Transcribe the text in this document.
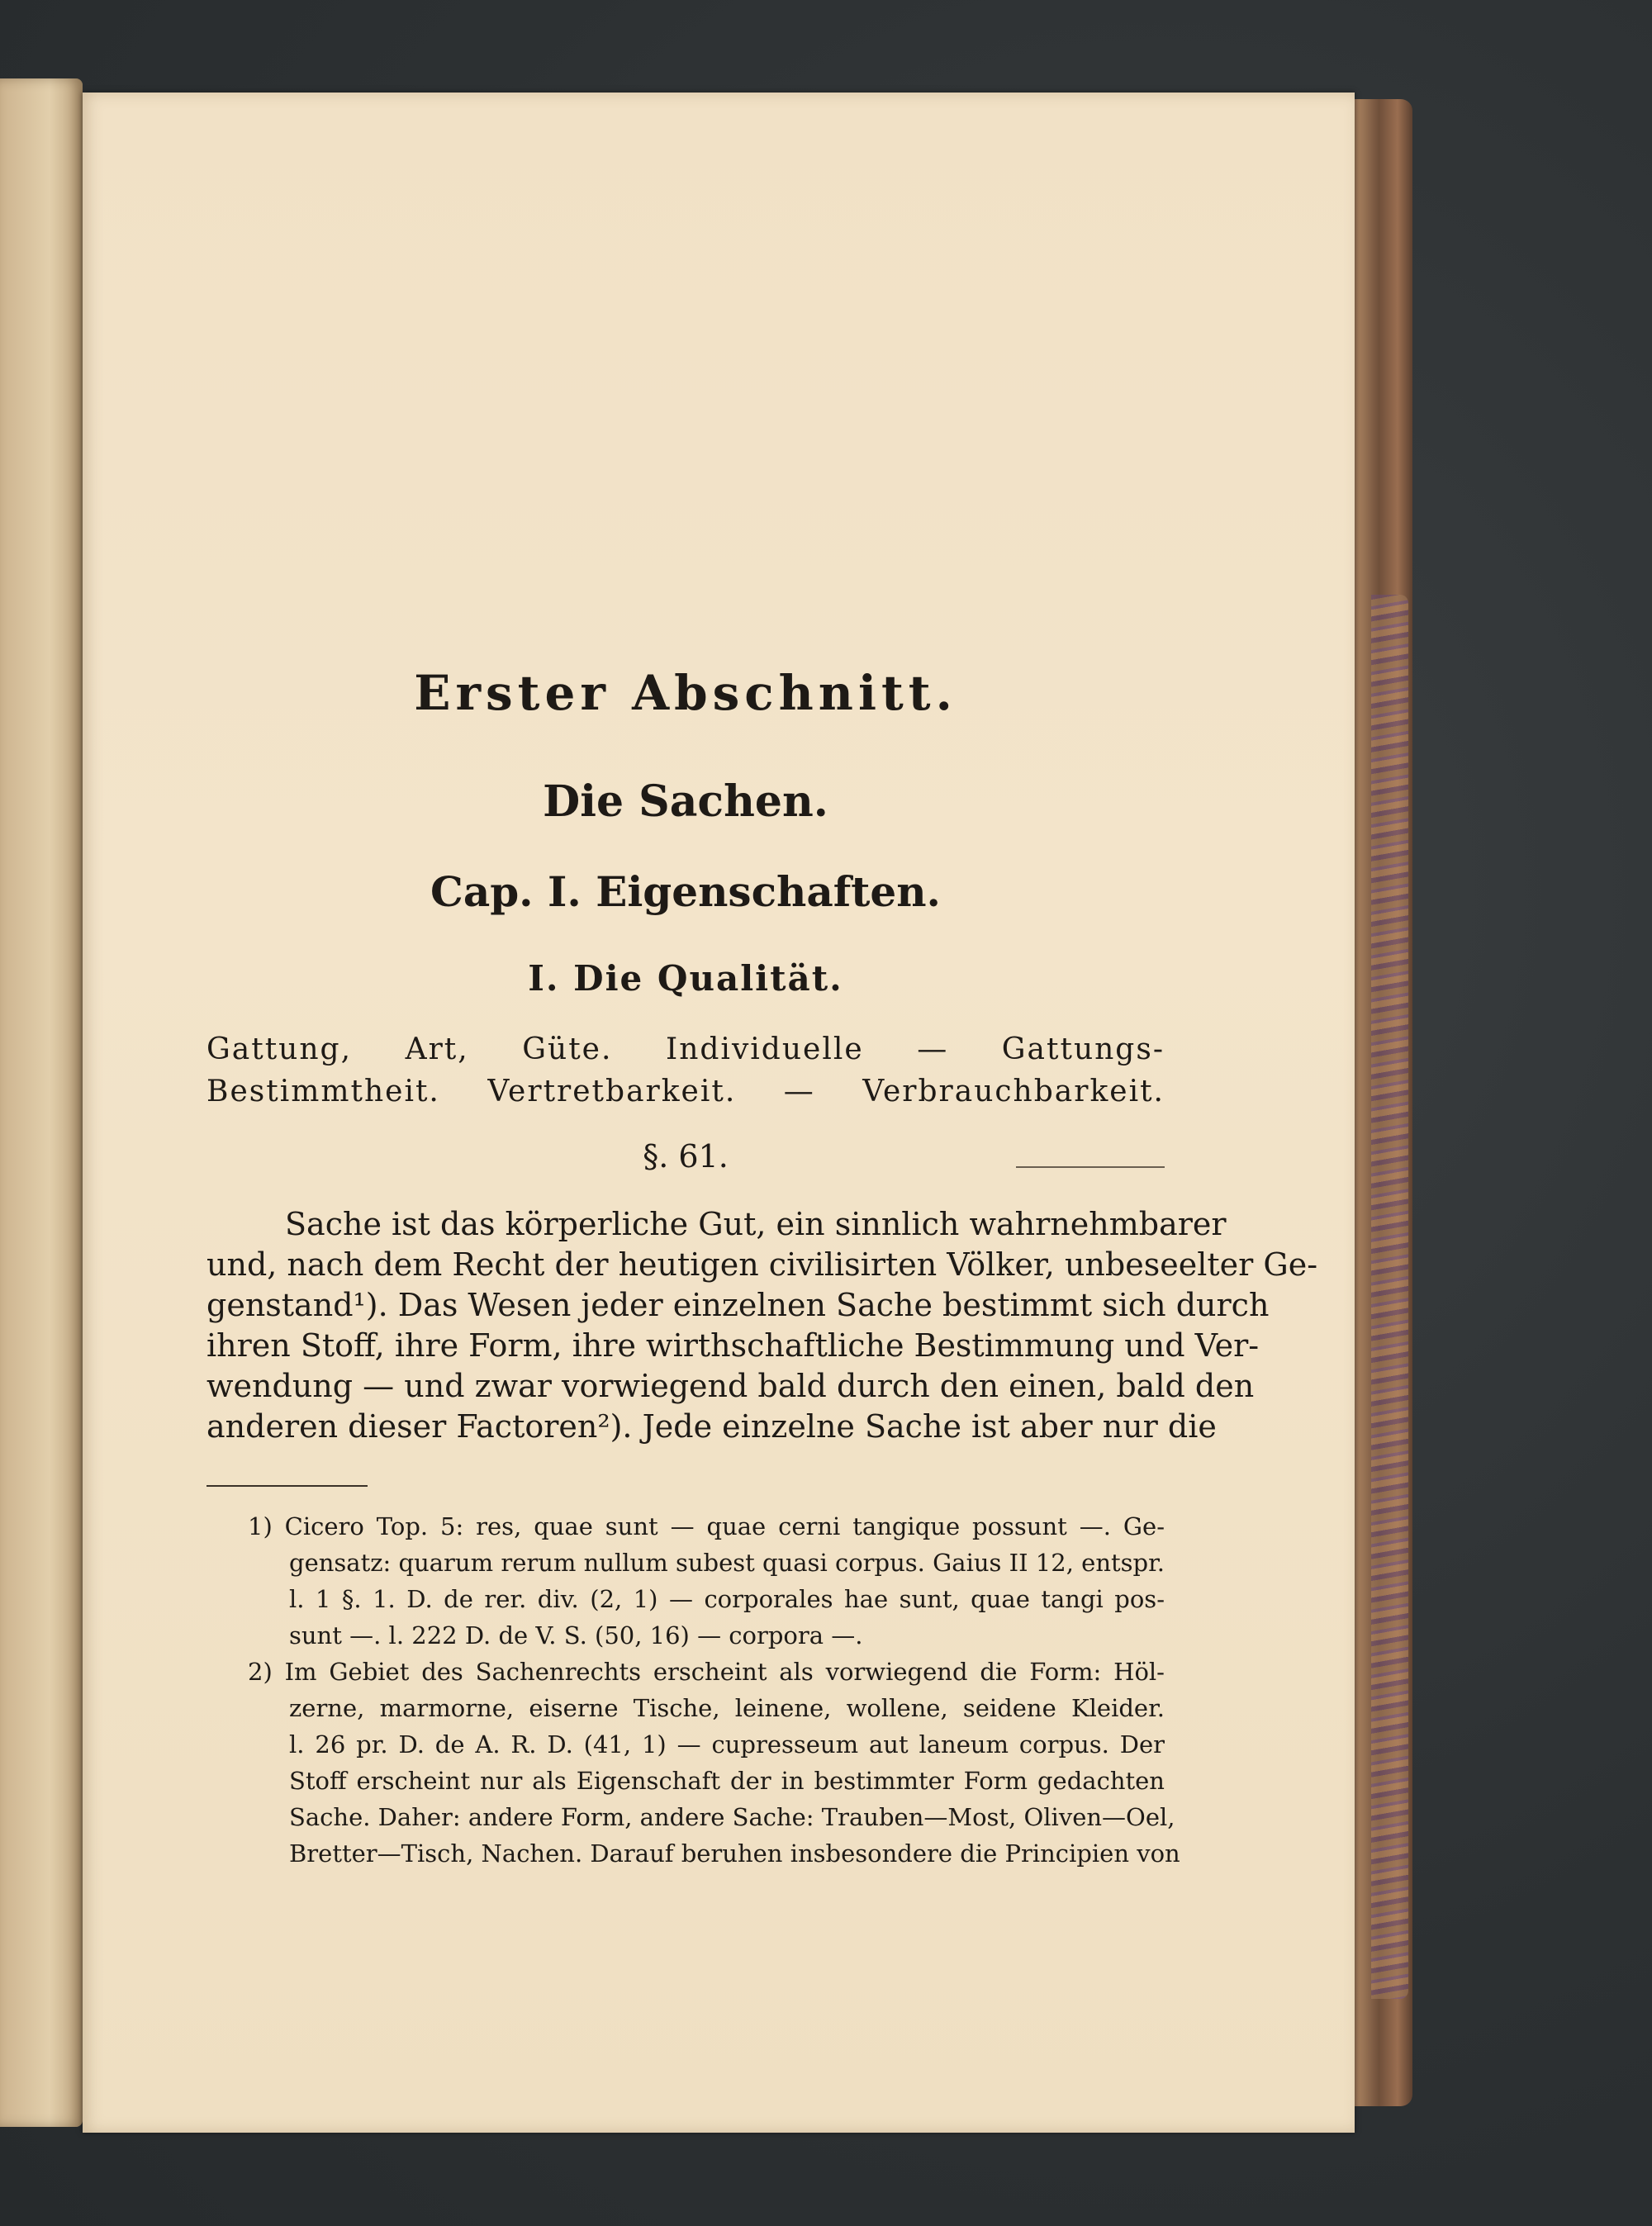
Erster Abschnitt.
Die Sachen.
Cap. I. Eigenschaften.
I. Die Qualität.
Gattung, Art, Güte. Individuelle — Gattungs-
Bestimmtheit. Vertretbarkeit. — Verbrauchbarkeit.
§. 61.
Sache ist das körperliche Gut, ein sinnlich wahrnehmbarer
und, nach dem Recht der heutigen civilisirten Völker, unbeseelter Ge-
genstand¹). Das Wesen jeder einzelnen Sache bestimmt sich durch
ihren Stoff, ihre Form, ihre wirthschaftliche Bestimmung und Ver-
wendung — und zwar vorwiegend bald durch den einen, bald den
anderen dieser Factoren²). Jede einzelne Sache ist aber nur die
1) Cicero Top. 5: res, quae sunt — quae cerni tangique possunt —. Ge-
gensatz: quarum rerum nullum subest quasi corpus. Gaius II 12, entspr.
l. 1 §. 1. D. de rer. div. (2, 1) — corporales hae sunt, quae tangi pos-
sunt —. l. 222 D. de V. S. (50, 16) — corpora —.
2) Im Gebiet des Sachenrechts erscheint als vorwiegend die Form: Höl-
zerne, marmorne, eiserne Tische, leinene, wollene, seidene Kleider.
l. 26 pr. D. de A. R. D. (41, 1) — cupresseum aut laneum corpus. Der
Stoff erscheint nur als Eigenschaft der in bestimmter Form gedachten
Sache. Daher: andere Form, andere Sache: Trauben—Most, Oliven—Oel,
Bretter—Tisch, Nachen. Darauf beruhen insbesondere die Principien von
